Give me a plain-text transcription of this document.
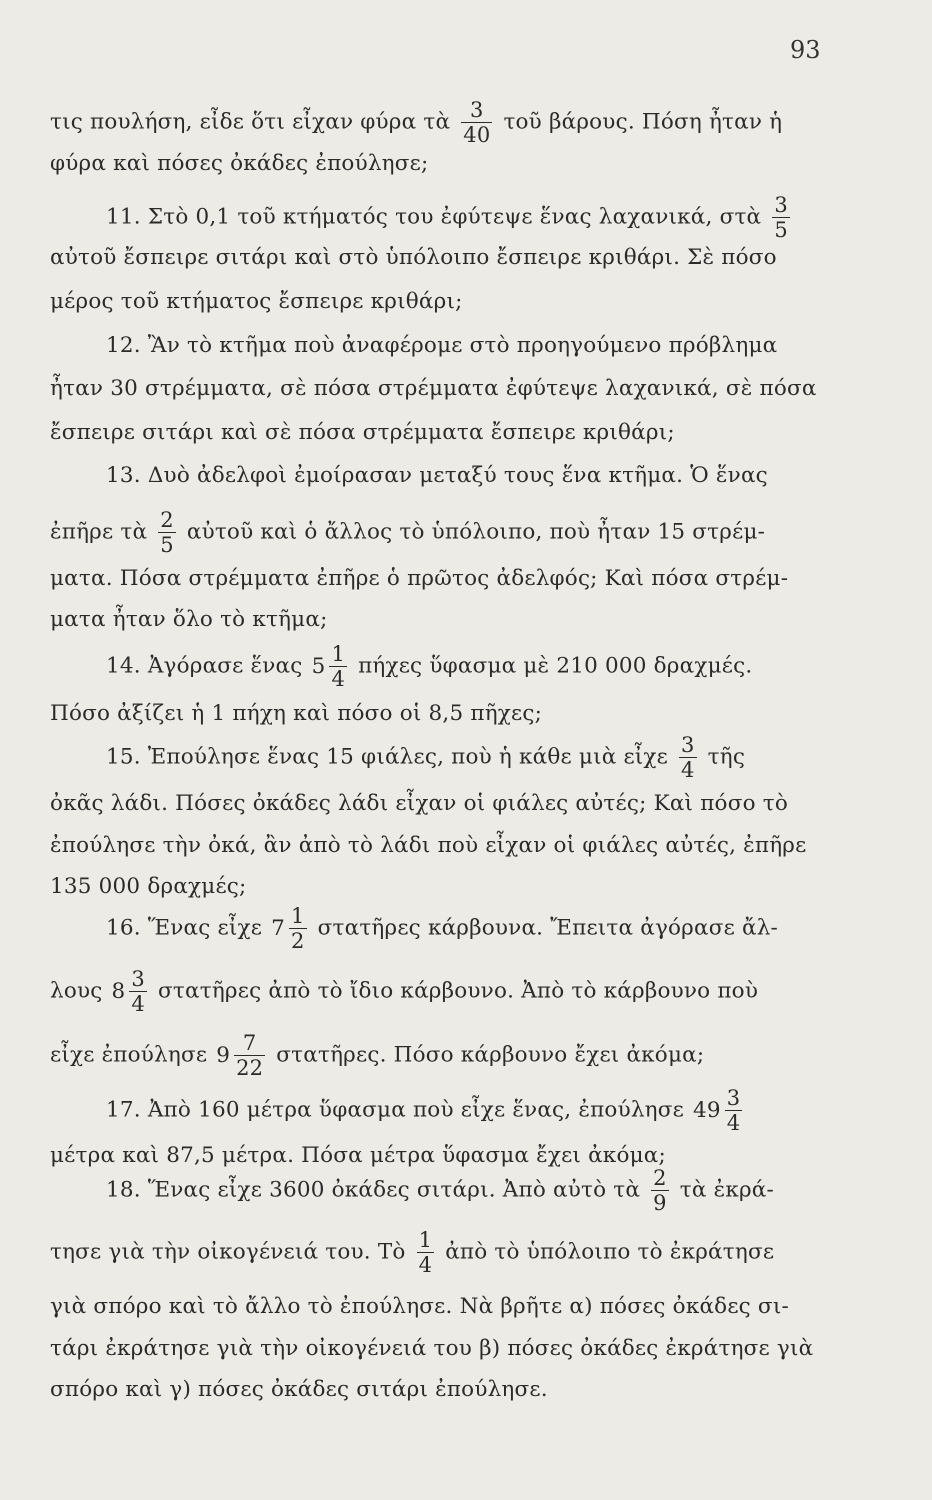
93
τις πουλήση, εἶδε ὅτι εἶχαν φύρα τὰ $\frac{3}{40}$ τοῦ βάρους. Πόση ἦταν ἡ
φύρα καὶ πόσες ὀκάδες ἐπούλησε;
11. Στὸ 0,1 τοῦ κτήματός του ἐφύτεψε ἕνας λαχανικά, στὰ $\frac{3}{5}$
αὐτοῦ ἔσπειρε σιτάρι καὶ στὸ ὑπόλοιπο ἔσπειρε κριθάρι. Σὲ πόσο
μέρος τοῦ κτήματος ἔσπειρε κριθάρι;
12. Ἂν τὸ κτῆμα ποὺ ἀναφέρομε στὸ προηγούμενο πρόβλημα
ἦταν 30 στρέμματα, σὲ πόσα στρέμματα ἐφύτεψε λαχανικά, σὲ πόσα
ἔσπειρε σιτάρι καὶ σὲ πόσα στρέμματα ἔσπειρε κριθάρι;
13. Δυὸ ἀδελφοὶ ἐμοίρασαν μεταξύ τους ἕνα κτῆμα. Ὁ ἕνας
ἐπῆρε τὰ $\frac{2}{5}$ αὐτοῦ καὶ ὁ ἄλλος τὸ ὑπόλοιπο, ποὺ ἦταν 15 στρέμ-
ματα. Πόσα στρέμματα ἐπῆρε ὁ πρῶτος ἀδελφός; Καὶ πόσα στρέμ-
ματα ἦταν ὅλο τὸ κτῆμα;
14. Ἀγόρασε ἕνας $5 \frac{1}{4}$ πήχες ὕφασμα μὲ 210 000 δραχμές.
Πόσο ἀξίζει ἡ 1 πήχη καὶ πόσο οἱ 8,5 πῆχες;
15. Ἐπούλησε ἕνας 15 φιάλες, ποὺ ἡ κάθε μιὰ εἶχε $\frac{3}{4}$ τῆς
ὀκᾶς λάδι. Πόσες ὀκάδες λάδι εἶχαν οἱ φιάλες αὐτές; Καὶ πόσο τὸ
ἐπούλησε τὴν ὀκά, ἂν ἀπὸ τὸ λάδι ποὺ εἶχαν οἱ φιάλες αὐτές, ἐπῆρε
135 000 δραχμές;
16. Ἕνας εἶχε $7 \frac{1}{2}$ στατῆρες κάρβουνα. Ἔπειτα ἀγόρασε ἄλ-
λους $8 \frac{3}{4}$ στατῆρες ἀπὸ τὸ ἴδιο κάρβουνο. Ἀπὸ τὸ κάρβουνο ποὺ
εἶχε ἐπούλησε $9 \frac{7}{22}$ στατῆρες. Πόσο κάρβουνο ἔχει ἀκόμα;
17. Ἀπὸ 160 μέτρα ὕφασμα ποὺ εἶχε ἕνας, ἐπούλησε $49 \frac{3}{4}$
μέτρα καὶ 87,5 μέτρα. Πόσα μέτρα ὕφασμα ἔχει ἀκόμα;
18. Ἕνας εἶχε 3600 ὀκάδες σιτάρι. Ἀπὸ αὐτὸ τὰ $\frac{2}{9}$ τὰ ἐκρά-
τησε γιὰ τὴν οἰκογένειά του. Τὸ $\frac{1}{4}$ ἀπὸ τὸ ὑπόλοιπο τὸ ἐκράτησε
γιὰ σπόρο καὶ τὸ ἄλλο τὸ ἐπούλησε. Νὰ βρῆτε α) πόσες ὀκάδες σι-
τάρι ἐκράτησε γιὰ τὴν οἰκογένειά του β) πόσες ὀκάδες ἐκράτησε γιὰ
σπόρο καὶ γ) πόσες ὀκάδες σιτάρι ἐπούλησε.
